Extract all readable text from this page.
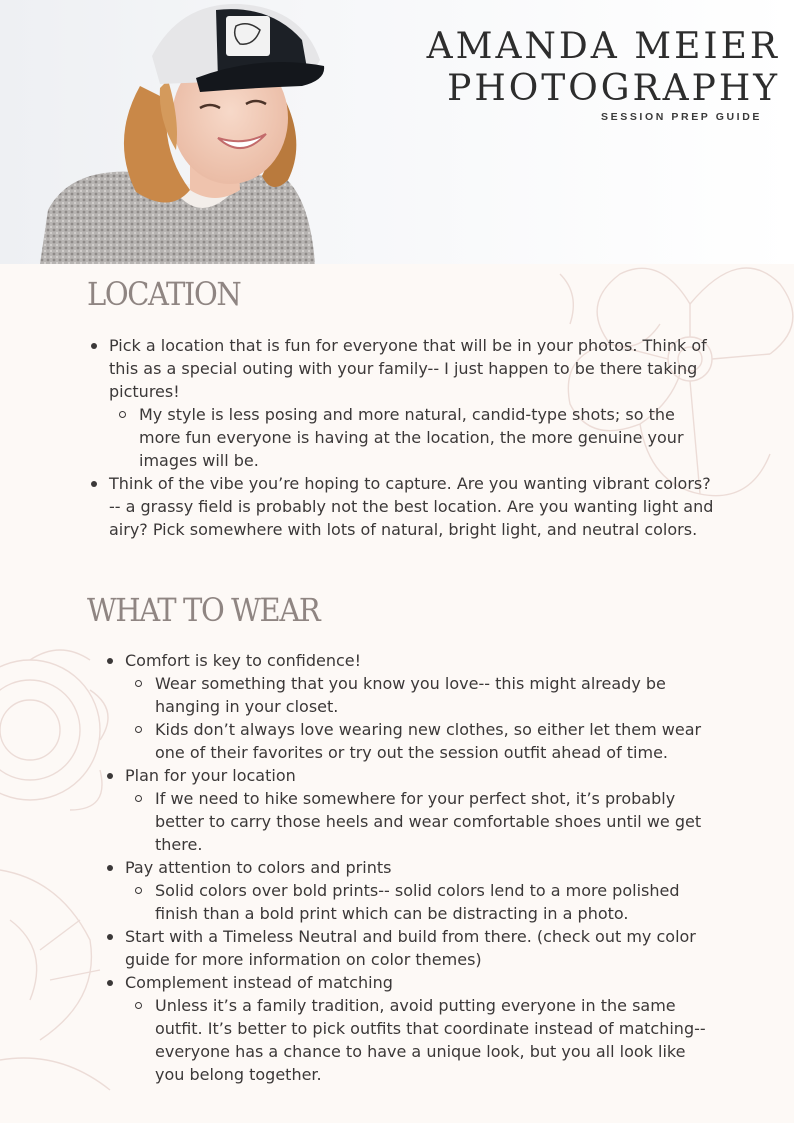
AMANDA MEIER
PHOTOGRAPHY
SESSION PREP GUIDE
LOCATION
Pick a location that is fun for everyone that will be in your photos. Think of this as a special outing with your family-- I just happen to be there taking pictures!
My style is less posing and more natural, candid-type shots; so the more fun everyone is having at the location, the more genuine your images will be.
Think of the vibe you’re hoping to capture. Are you wanting vibrant colors? -- a grassy field is probably not the best location. Are you wanting light and airy? Pick somewhere with lots of natural, bright light, and neutral colors.
WHAT TO WEAR
Comfort is key to confidence!
Wear something that you know you love-- this might already be hanging in your closet.
Kids don’t always love wearing new clothes, so either let them wear one of their favorites or try out the session outfit ahead of time.
Plan for your location
If we need to hike somewhere for your perfect shot, it’s probably better to carry those heels and wear comfortable shoes until we get there.
Pay attention to colors and prints
Solid colors over bold prints-- solid colors lend to a more polished finish than a bold print which can be distracting in a photo.
Start with a Timeless Neutral and build from there. (check out my color guide for more information on color themes)
Complement instead of matching
Unless it’s a family tradition, avoid putting everyone in the same outfit. It’s better to pick outfits that coordinate instead of matching-- everyone has a chance to have a unique look, but you all look like you belong together.
